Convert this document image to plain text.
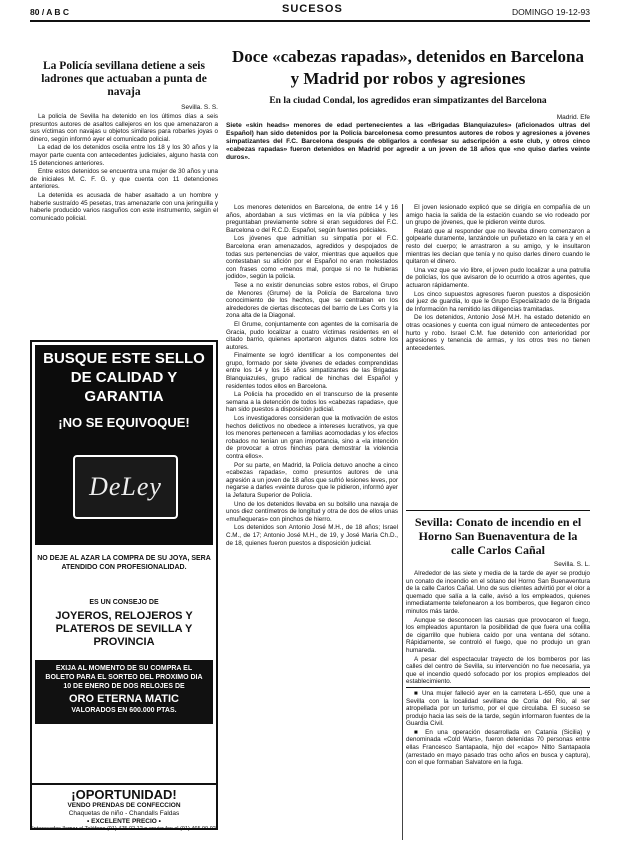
80 / A B C	SUCESOS	DOMINGO 19-12-93
La Policía sevillana detiene a seis ladrones que actuaban a punta de navaja
Sevilla. S. S.
La policía de Sevilla ha detenido en los últimos días a seis presuntos autores de asaltos callejeros en los que amenazaron a sus víctimas con navajas u objetos similares para robarles joyas o dinero, según informó ayer el comunicado policial.
La edad de los detenidos oscila entre los 18 y los 30 años y la mayor parte cuenta con antecedentes judiciales, alguno hasta con 15 detenciones anteriores.
Entre estos detenidos se encuentra una mujer de 30 años y una de iniciales M. C. F. G. y que cuenta con 11 detenciones anteriores.
La detenida es acusada de haber asaltado a un hombre y haberle sustraído 45 pesetas, tras amenazarle con una jeringuilla y haberle producido varios rasguños con este instrumento, según el comunicado policial.
BUSQUE ESTE SELLO DE CALIDAD Y GARANTIA
¡NO SE EQUIVOQUE!
DeLey
NO DEJE AL AZAR LA COMPRA DE SU JOYA, SERA ATENDIDO CON PROFESIONALIDAD.
ES UN CONSEJO DE
JOYEROS, RELOJEROS Y PLATEROS DE SEVILLA Y PROVINCIA
EXIJA AL MOMENTO DE SU COMPRA EL BOLETO PARA EL SORTEO DEL PROXIMO DIA 10 DE ENERO DE DOS RELOJES DE
ORO ETERNA MATIC
VALORADOS EN 600.000 PTAS.
¡OPORTUNIDAD!
VENDO PRENDAS DE CONFECCION
Chaquetas de niño - Chandalls Faldas
• EXCELENTE PRECIO •
Interesados llamar al Teléfono (91) 475 02 12 o enviar fax al (91) 465 99 92
Doce «cabezas rapadas», detenidos en Barcelona y Madrid por robos y agresiones
En la ciudad Condal, los agredidos eran simpatizantes del Barcelona
Madrid. Efe
Siete «skin heads» menores de edad pertenecientes a las «Brigadas Blanquiazules» (aficionados ultras del Español) han sido detenidos por la Policía barcelonesa como presuntos autores de robos y agresiones a jóvenes simpatizantes del F.C. Barcelona después de obligarlos a confesar su adscripción a este club, y otros cinco «cabezas rapadas» fueron detenidos en Madrid por agredir a un joven de 18 años que «no quiso darles veinte duros».
Los menores detenidos en Barcelona, de entre 14 y 16 años, abordaban a sus víctimas en la vía pública y les preguntaban previamente sobre si eran seguidores del F.C. Barcelona o del R.C.D. Español, según fuentes policiales.
Los jóvenes que admitían su simpatía por el F.C. Barcelona eran amenazados, agredidos y despojados de todas sus pertenencias de valor, mientras que aquellos que contestaban su afición por el Español no eran molestados con frases como «menos mal, porque si no te hubieras jodido», según la policía.
Tese a no existir denuncias sobre estos robos, el Grupo de Menores (Grume) de la Policía de Barcelona tuvo conocimiento de los hechos, que se centraban en los alrededores de ciertas discotecas del barrio de Les Corts y la zona alta de la Diagonal.
El Grume, conjuntamente con agentes de la comisaría de Gracia, pudo localizar a cuatro víctimas residentes en el citado barrio, quienes aportaron algunos datos sobre los autores.
Finalmente se logró identificar a los componentes del grupo, formado por siete jóvenes de edades comprendidas entre los 14 y los 16 años simpatizantes de las Brigadas Blanquiazules, grupo radical de hinchas del Español y residentes todos ellos en Barcelona.
La Policía ha procedido en el transcurso de la presente semana a la detención de todos los «cabezas rapadas», que han sido puestos a disposición judicial.
Los investigadores consideran que la motivación de estos hechos delictivos no obedece a intereses lucrativos, ya que los menores pertenecen a familias acomodadas y los efectos robados no tenían un gran importancia, sino a «la intención de provocar a otros hinchas para demostrar la violencia contra ellos».
Por su parte, en Madrid, la Policía detuvo anoche a cinco «cabezas rapadas», como presuntos autores de una agresión a un joven de 18 años que sufrió lesiones leves, por negarse a darles «veinte duros» que le pidieron, informó ayer la Jefatura Superior de Policía.
Uno de los detenidos llevaba en su bolsillo una navaja de unos diez centímetros de longitud y otra de dos de ellos unas «muñequeras» con pinchos de hierro.
Los detenidos son Antonio José M.H., de 18 años; Israel C.M., de 17; Antonio José M.H., de 19, y José María Ch.D., de 18, quienes fueron puestos a disposición judicial.
El joven lesionado explicó que se dirigía en compañía de un amigo hacia la salida de la estación cuando se vio rodeado por un grupo de jóvenes, que le pidieron veinte duros.
Relató que al responder que no llevaba dinero comenzaron a golpearle duramente, lanzándole un puñetazo en la cara y en el resto del cuerpo; le arrastraron a su amigo, y le insultaron mientras les decían que tenía y no quiso darles dinero cuando le quitaron el dinero.
Una vez que se vio libre, el joven pudo localizar a una patrulla de policías, los que avisaron de lo ocurrido a otros agentes, que actuaron rápidamente.
Los cinco supuestos agresores fueron puestos a disposición del juez de guardia, lo que le Grupo Especializado de la Brigada de Información ha remitido las diligencias tramitadas.
De los detenidos, Antonio José M.H. ha estado detenido en otras ocasiones y cuenta con igual número de antecedentes por hurto y robo. Israel C.M. fue detenido con anterioridad por agresiones y tenencia de armas, y los otros tres no tienen antecedentes.
Sevilla: Conato de incendio en el Horno San Buenaventura de la calle Carlos Cañal
Sevilla. S. L.
Alrededor de las siete y media de la tarde de ayer se produjo un conato de incendio en el sótano del Horno San Buenaventura de la calle Carlos Cañal. Uno de sus clientes advirtió por el olor a quemado que salía a la calle, avisó a los empleados, quienes inmediatamente telefonearon a los bomberos, que llegaron cinco minutos más tarde.
Aunque se desconocen las causas que provocaron el fuego, los empleados apuntaron la posibilidad de que fuera una colilla de cigarrillo que hubiera caído por una ventana del sótano. Rápidamente, se controló el fuego, que no produjo un gran humareda.
A pesar del espectacular trayecto de los bomberos por las calles del centro de Sevilla, su intervención no fue necesaria, ya que el incendio quedó sofocado por los propios empleados del establecimiento.
■ Una mujer falleció ayer en la carretera L-650, que une a Sevilla con la localidad sevillana de Coria del Río, al ser atropellada por un turismo, por el que circulaba. El suceso se produjo hacia las seis de la tarde, según informaron fuentes de la Guardia Civil.
■ En una operación desarrollada en Catania (Sicilia) y denominada «Cold Wars», fueron detenidas 70 personas entre ellas Francesco Santapaola, hijo del «capo» Nitto Santapaola (arrestado en mayo pasado tras ocho años en busca y captura), con el que formaban Salvatore en la fuga.
